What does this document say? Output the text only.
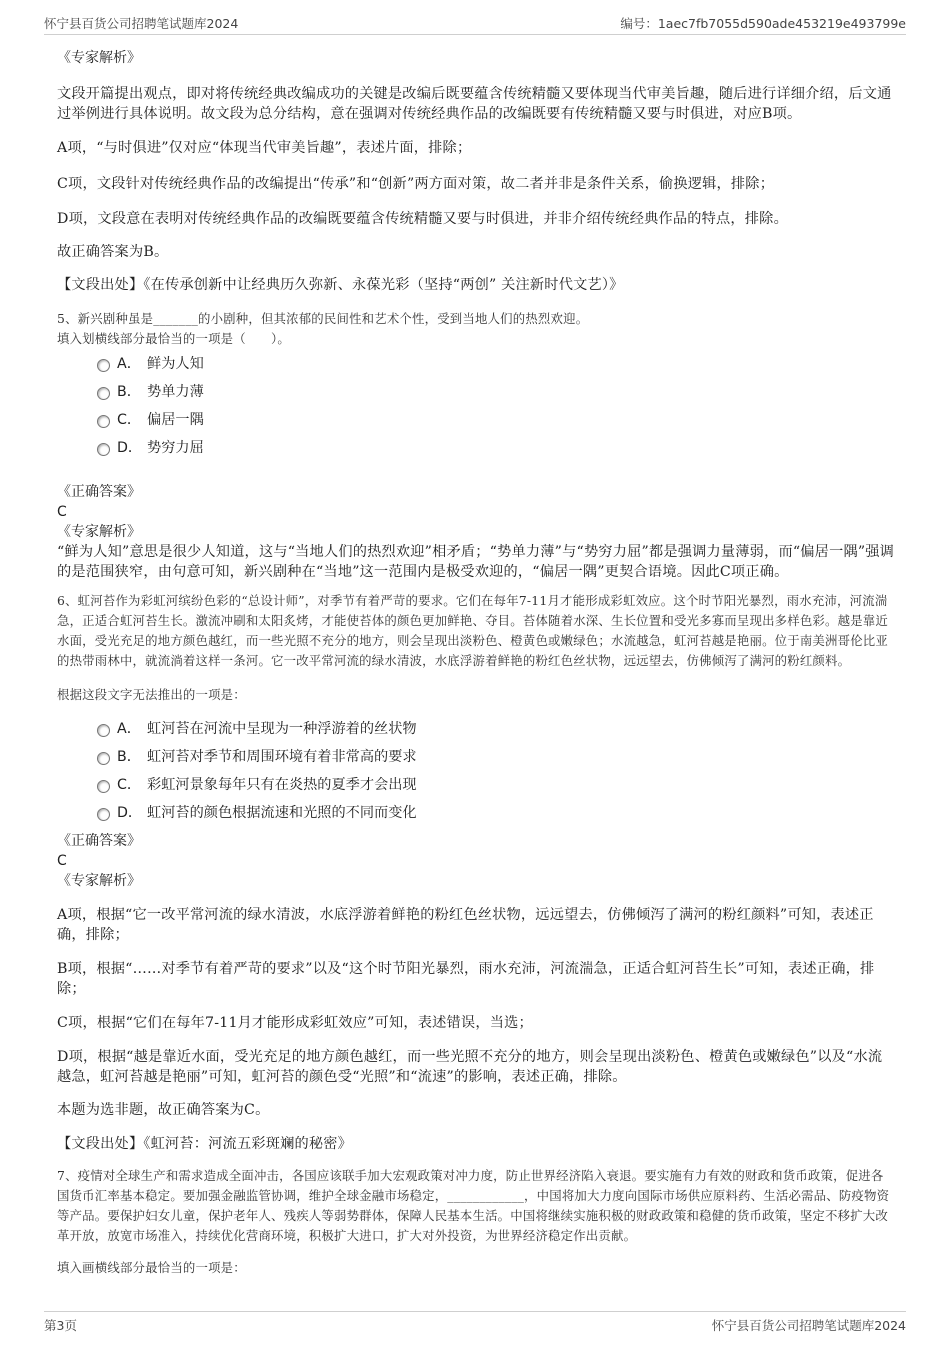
怀宁县百货公司招聘笔试题库2024	编号：1aec7fb7055d590ade453219e493799e

《专家解析》

文段开篇提出观点，即对将传统经典改编成功的关键是改编后既要蕴含传统精髓又要体现当代审美旨趣，随后进行详细介绍，后文通过举例进行具体说明。故文段为总分结构，意在强调对传统经典作品的改编既要有传统精髓又要与时俱进，对应B项。

A项，“与时俱进”仅对应“体现当代审美旨趣”，表述片面，排除；

C项，文段针对传统经典作品的改编提出“传承”和“创新”两方面对策，故二者并非是条件关系，偷换逻辑，排除；

D项，文段意在表明对传统经典作品的改编既要蕴含传统精髓又要与时俱进，并非介绍传统经典作品的特点，排除。

故正确答案为B。

【文段出处】《在传承创新中让经典历久弥新、永葆光彩（坚持“两创” 关注新时代文艺）》

5、新兴剧种虽是_______的小剧种，但其浓郁的民间性和艺术个性，受到当地人们的热烈欢迎。

填入划横线部分最恰当的一项是（　　）。

A． 鲜为人知
B． 势单力薄
C． 偏居一隅
D． 势穷力屈

《正确答案》

C

《专家解析》

“鲜为人知”意思是很少人知道，这与“当地人们的热烈欢迎”相矛盾；“势单力薄”与“势穷力屈”都是强调力量薄弱，而“偏居一隅”强调的是范围狭窄，由句意可知，新兴剧种在“当地”这一范围内是极受欢迎的，“偏居一隅”更契合语境。因此C项正确。

6、虹河苔作为彩虹河缤纷色彩的“总设计师”，对季节有着严苛的要求。它们在每年7-11月才能形成彩虹效应。这个时节阳光暴烈，雨水充沛，河流湍急，正适合虹河苔生长。激流冲刷和太阳炙烤，才能使苔体的颜色更加鲜艳、夺目。苔体随着水深、生长位置和受光多寡而呈现出多样色彩。越是靠近水面，受光充足的地方颜色越红，而一些光照不充分的地方，则会呈现出淡粉色、橙黄色或嫩绿色；水流越急，虹河苔越是艳丽。位于南美洲哥伦比亚的热带雨林中，就流淌着这样一条河。它一改平常河流的绿水清波，水底浮游着鲜艳的粉红色丝状物，远远望去，仿佛倾泻了满河的粉红颜料。

根据这段文字无法推出的一项是：

A． 虹河苔在河流中呈现为一种浮游着的丝状物
B． 虹河苔对季节和周围环境有着非常高的要求
C． 彩虹河景象每年只有在炎热的夏季才会出现
D． 虹河苔的颜色根据流速和光照的不同而变化

《正确答案》

C

《专家解析》

A项，根据“它一改平常河流的绿水清波，水底浮游着鲜艳的粉红色丝状物，远远望去，仿佛倾泻了满河的粉红颜料”可知，表述正确，排除；

B项，根据“……对季节有着严苛的要求”以及“这个时节阳光暴烈，雨水充沛，河流湍急，正适合虹河苔生长”可知，表述正确，排除；

C项，根据“它们在每年7-11月才能形成彩虹效应”可知，表述错误，当选；

D项，根据“越是靠近水面，受光充足的地方颜色越红，而一些光照不充分的地方，则会呈现出淡粉色、橙黄色或嫩绿色”以及“水流越急，虹河苔越是艳丽”可知，虹河苔的颜色受“光照”和“流速”的影响，表述正确，排除。

本题为选非题，故正确答案为C。

【文段出处】《虹河苔：河流五彩斑斓的秘密》

7、疫情对全球生产和需求造成全面冲击，各国应该联手加大宏观政策对冲力度，防止世界经济陷入衰退。要实施有力有效的财政和货币政策，促进各国货币汇率基本稳定。要加强金融监管协调，维护全球金融市场稳定，____________，中国将加大力度向国际市场供应原料药、生活必需品、防疫物资等产品。要保护妇女儿童，保护老年人、残疾人等弱势群体，保障人民基本生活。中国将继续实施积极的财政政策和稳健的货币政策，坚定不移扩大改革开放，放宽市场准入，持续优化营商环境，积极扩大进口，扩大对外投资，为世界经济稳定作出贡献。

填入画横线部分最恰当的一项是：

第3页	怀宁县百货公司招聘笔试题库2024
